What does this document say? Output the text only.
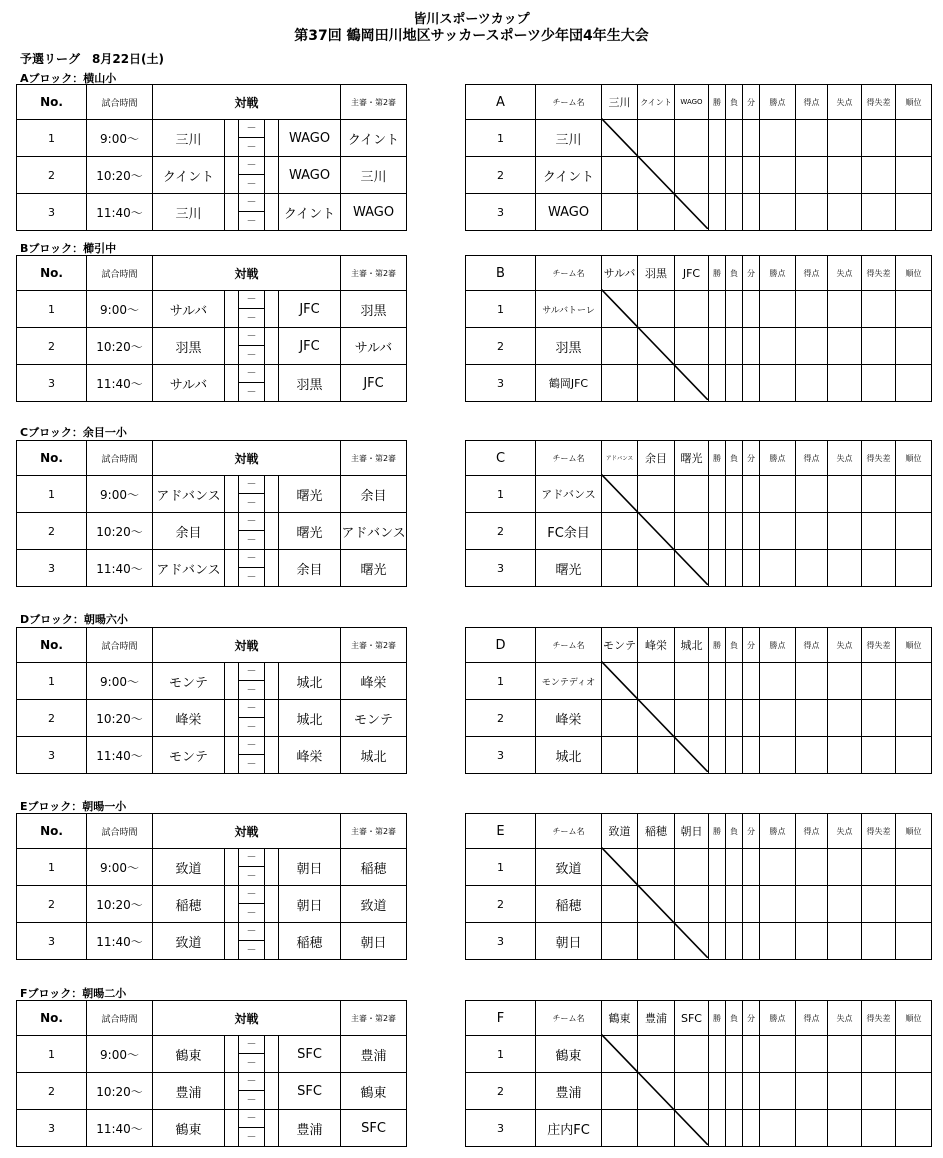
皆川スポーツカップ
第37回 鶴岡田川地区サッカースポーツ少年団4年生大会
予選リーグ　8月22日(土)
Aブロック：横山小
No.	試合時間	対戦					主審・第2審
1	9:00～	三川		－		WAGO	クイント
				－			
2	10:20～	クイント		－		WAGO	三川
				－			
3	11:40～	三川		－		クイント	WAGO
				－			
A	チーム名	三川	クイント	WAGO	勝	負	分	勝点	得点	失点	得失差	順位
1	三川											
2	クイント											
3	WAGO											
Bブロック：櫛引中
No.	試合時間	対戦					主審・第2審
1	9:00～	サルバ		－		JFC	羽黒
				－			
2	10:20～	羽黒		－		JFC	サルバ
				－			
3	11:40～	サルバ		－		羽黒	JFC
				－			
B	チーム名	サルバ	羽黒	JFC	勝	負	分	勝点	得点	失点	得失差	順位
1	サルバトーレ											
2	羽黒											
3	鶴岡JFC											
Cブロック：余目一小
No.	試合時間	対戦					主審・第2審
1	9:00～	アドバンス		－		曙光	余目
				－			
2	10:20～	余目		－		曙光	アドバンス
				－			
3	11:40～	アドバンス		－		余目	曙光
				－			
C	チーム名	アドバンス	余目	曙光	勝	負	分	勝点	得点	失点	得失差	順位
1	アドバンス											
2	FC余目											
3	曙光											
Dブロック：朝暘六小
No.	試合時間	対戦					主審・第2審
1	9:00～	モンテ		－		城北	峰栄
				－			
2	10:20～	峰栄		－		城北	モンテ
				－			
3	11:40～	モンテ		－		峰栄	城北
				－			
D	チーム名	モンテ	峰栄	城北	勝	負	分	勝点	得点	失点	得失差	順位
1	モンテディオ											
2	峰栄											
3	城北											
Eブロック：朝暘一小
No.	試合時間	対戦					主審・第2審
1	9:00～	致道		－		朝日	稲穂
				－			
2	10:20～	稲穂		－		朝日	致道
				－			
3	11:40～	致道		－		稲穂	朝日
				－			
E	チーム名	致道	稲穂	朝日	勝	負	分	勝点	得点	失点	得失差	順位
1	致道											
2	稲穂											
3	朝日											
Fブロック：朝暘二小
No.	試合時間	対戦					主審・第2審
1	9:00～	鶴東		－		SFC	豊浦
				－			
2	10:20～	豊浦		－		SFC	鶴東
				－			
3	11:40～	鶴東		－		豊浦	SFC
				－			
F	チーム名	鶴東	豊浦	SFC	勝	負	分	勝点	得点	失点	得失差	順位
1	鶴東											
2	豊浦											
3	庄内FC											
